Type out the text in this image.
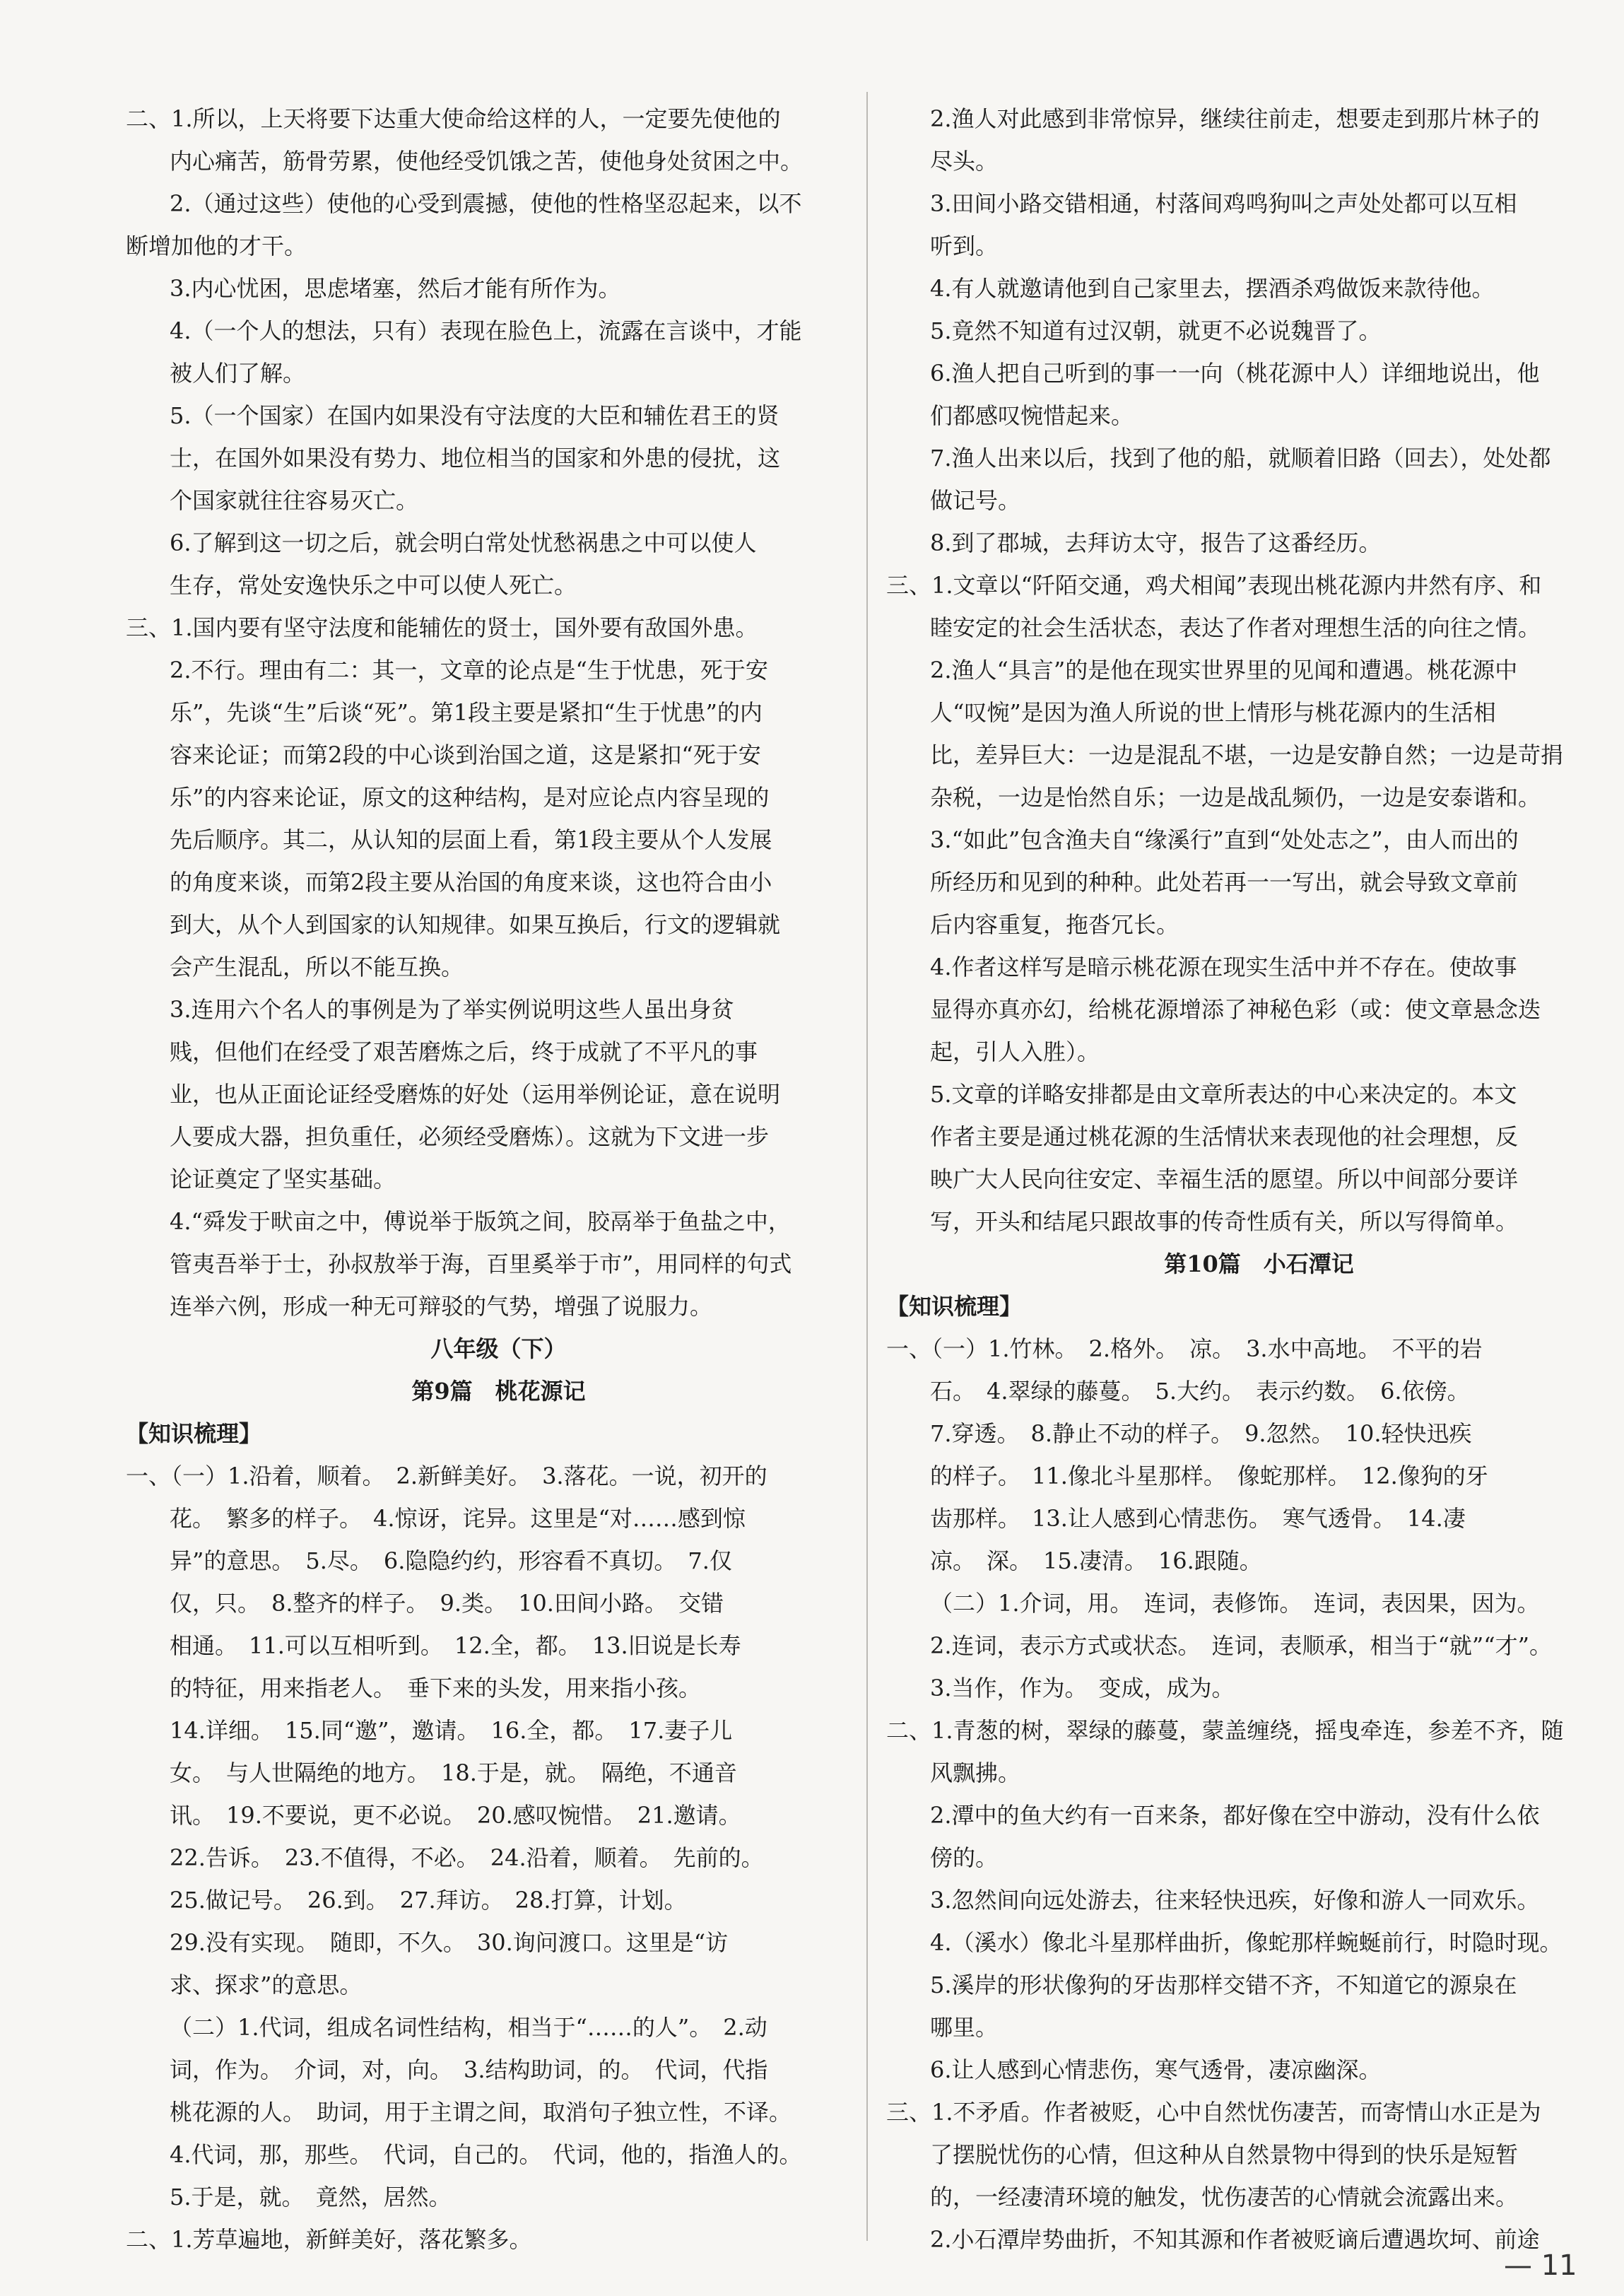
二、1.所以，上天将要下达重大使命给这样的人，一定要先使他的
内心痛苦，筋骨劳累，使他经受饥饿之苦，使他身处贫困之中。
2.（通过这些）使他的心受到震撼，使他的性格坚忍起来，以不
断增加他的才干。
3.内心忧困，思虑堵塞，然后才能有所作为。
4.（一个人的想法，只有）表现在脸色上，流露在言谈中，才能
被人们了解。
5.（一个国家）在国内如果没有守法度的大臣和辅佐君王的贤
士，在国外如果没有势力、地位相当的国家和外患的侵扰，这
个国家就往往容易灭亡。
6.了解到这一切之后，就会明白常处忧愁祸患之中可以使人
生存，常处安逸快乐之中可以使人死亡。
三、1.国内要有坚守法度和能辅佐的贤士，国外要有敌国外患。
2.不行。理由有二：其一，文章的论点是“生于忧患，死于安
乐”，先谈“生”后谈“死”。第1段主要是紧扣“生于忧患”的内
容来论证；而第2段的中心谈到治国之道，这是紧扣“死于安
乐”的内容来论证，原文的这种结构，是对应论点内容呈现的
先后顺序。其二，从认知的层面上看，第1段主要从个人发展
的角度来谈，而第2段主要从治国的角度来谈，这也符合由小
到大，从个人到国家的认知规律。如果互换后，行文的逻辑就
会产生混乱，所以不能互换。
3.连用六个名人的事例是为了举实例说明这些人虽出身贫
贱，但他们在经受了艰苦磨炼之后，终于成就了不平凡的事
业，也从正面论证经受磨炼的好处（运用举例论证，意在说明
人要成大器，担负重任，必须经受磨炼）。这就为下文进一步
论证奠定了坚实基础。
4.“舜发于畎亩之中，傅说举于版筑之间，胶鬲举于鱼盐之中，
管夷吾举于士，孙叔敖举于海，百里奚举于市”，用同样的句式
连举六例，形成一种无可辩驳的气势，增强了说服力。
八年级（下）
第9篇　桃花源记
【知识梳理】
一、（一）1.沿着，顺着。　2.新鲜美好。　3.落花。一说，初开的
花。　繁多的样子。　4.惊讶，诧异。这里是“对……感到惊
异”的意思。　5.尽。　6.隐隐约约，形容看不真切。　7.仅
仅，只。　8.整齐的样子。　9.类。　10.田间小路。　交错
相通。　11.可以互相听到。　12.全，都。　13.旧说是长寿
的特征，用来指老人。　垂下来的头发，用来指小孩。
14.详细。　15.同“邀”，邀请。　16.全，都。　17.妻子儿
女。　与人世隔绝的地方。　18.于是，就。　隔绝，不通音
讯。　19.不要说，更不必说。　20.感叹惋惜。　21.邀请。
22.告诉。　23.不值得，不必。　24.沿着，顺着。　先前的。
25.做记号。　26.到。　27.拜访。　28.打算，计划。
29.没有实现。　随即，不久。　30.询问渡口。这里是“访
求、探求”的意思。
（二）1.代词，组成名词性结构，相当于“……的人”。　2.动
词，作为。　介词，对，向。　3.结构助词，的。　代词，代指
桃花源的人。　助词，用于主谓之间，取消句子独立性，不译。
4.代词，那，那些。　代词，自己的。　代词，他的，指渔人的。
5.于是，就。　竟然，居然。
二、1.芳草遍地，新鲜美好，落花繁多。
2.渔人对此感到非常惊异，继续往前走，想要走到那片林子的
尽头。
3.田间小路交错相通，村落间鸡鸣狗叫之声处处都可以互相
听到。
4.有人就邀请他到自己家里去，摆酒杀鸡做饭来款待他。
5.竟然不知道有过汉朝，就更不必说魏晋了。
6.渔人把自己听到的事一一向（桃花源中人）详细地说出，他
们都感叹惋惜起来。
7.渔人出来以后，找到了他的船，就顺着旧路（回去），处处都
做记号。
8.到了郡城，去拜访太守，报告了这番经历。
三、1.文章以“阡陌交通，鸡犬相闻”表现出桃花源内井然有序、和
睦安定的社会生活状态，表达了作者对理想生活的向往之情。
2.渔人“具言”的是他在现实世界里的见闻和遭遇。桃花源中
人“叹惋”是因为渔人所说的世上情形与桃花源内的生活相
比，差异巨大：一边是混乱不堪，一边是安静自然；一边是苛捐
杂税，一边是怡然自乐；一边是战乱频仍，一边是安泰谐和。
3.“如此”包含渔夫自“缘溪行”直到“处处志之”，由人而出的
所经历和见到的种种。此处若再一一写出，就会导致文章前
后内容重复，拖沓冗长。
4.作者这样写是暗示桃花源在现实生活中并不存在。使故事
显得亦真亦幻，给桃花源增添了神秘色彩（或：使文章悬念迭
起，引人入胜）。
5.文章的详略安排都是由文章所表达的中心来决定的。本文
作者主要是通过桃花源的生活情状来表现他的社会理想，反
映广大人民向往安定、幸福生活的愿望。所以中间部分要详
写，开头和结尾只跟故事的传奇性质有关，所以写得简单。
第10篇　小石潭记
【知识梳理】
一、（一）1.竹林。　2.格外。　凉。　3.水中高地。　不平的岩
石。　4.翠绿的藤蔓。　5.大约。　表示约数。　6.依傍。
7.穿透。　8.静止不动的样子。　9.忽然。　10.轻快迅疾
的样子。　11.像北斗星那样。　像蛇那样。　12.像狗的牙
齿那样。　13.让人感到心情悲伤。　寒气透骨。　14.凄
凉。　深。　15.凄清。　16.跟随。
（二）1.介词，用。　连词，表修饰。　连词，表因果，因为。
2.连词，表示方式或状态。　连词，表顺承，相当于“就”“才”。
3.当作，作为。　变成，成为。
二、1.青葱的树，翠绿的藤蔓，蒙盖缠绕，摇曳牵连，参差不齐，随
风飘拂。
2.潭中的鱼大约有一百来条，都好像在空中游动，没有什么依
傍的。
3.忽然间向远处游去，往来轻快迅疾，好像和游人一同欢乐。
4.（溪水）像北斗星那样曲折，像蛇那样蜿蜒前行，时隐时现。
5.溪岸的形状像狗的牙齿那样交错不齐，不知道它的源泉在
哪里。
6.让人感到心情悲伤，寒气透骨，凄凉幽深。
三、1.不矛盾。作者被贬，心中自然忧伤凄苦，而寄情山水正是为
了摆脱忧伤的心情，但这种从自然景物中得到的快乐是短暂
的，一经凄清环境的触发，忧伤凄苦的心情就会流露出来。
2.小石潭岸势曲折，不知其源和作者被贬谪后遭遇坎坷、前途
— 11
